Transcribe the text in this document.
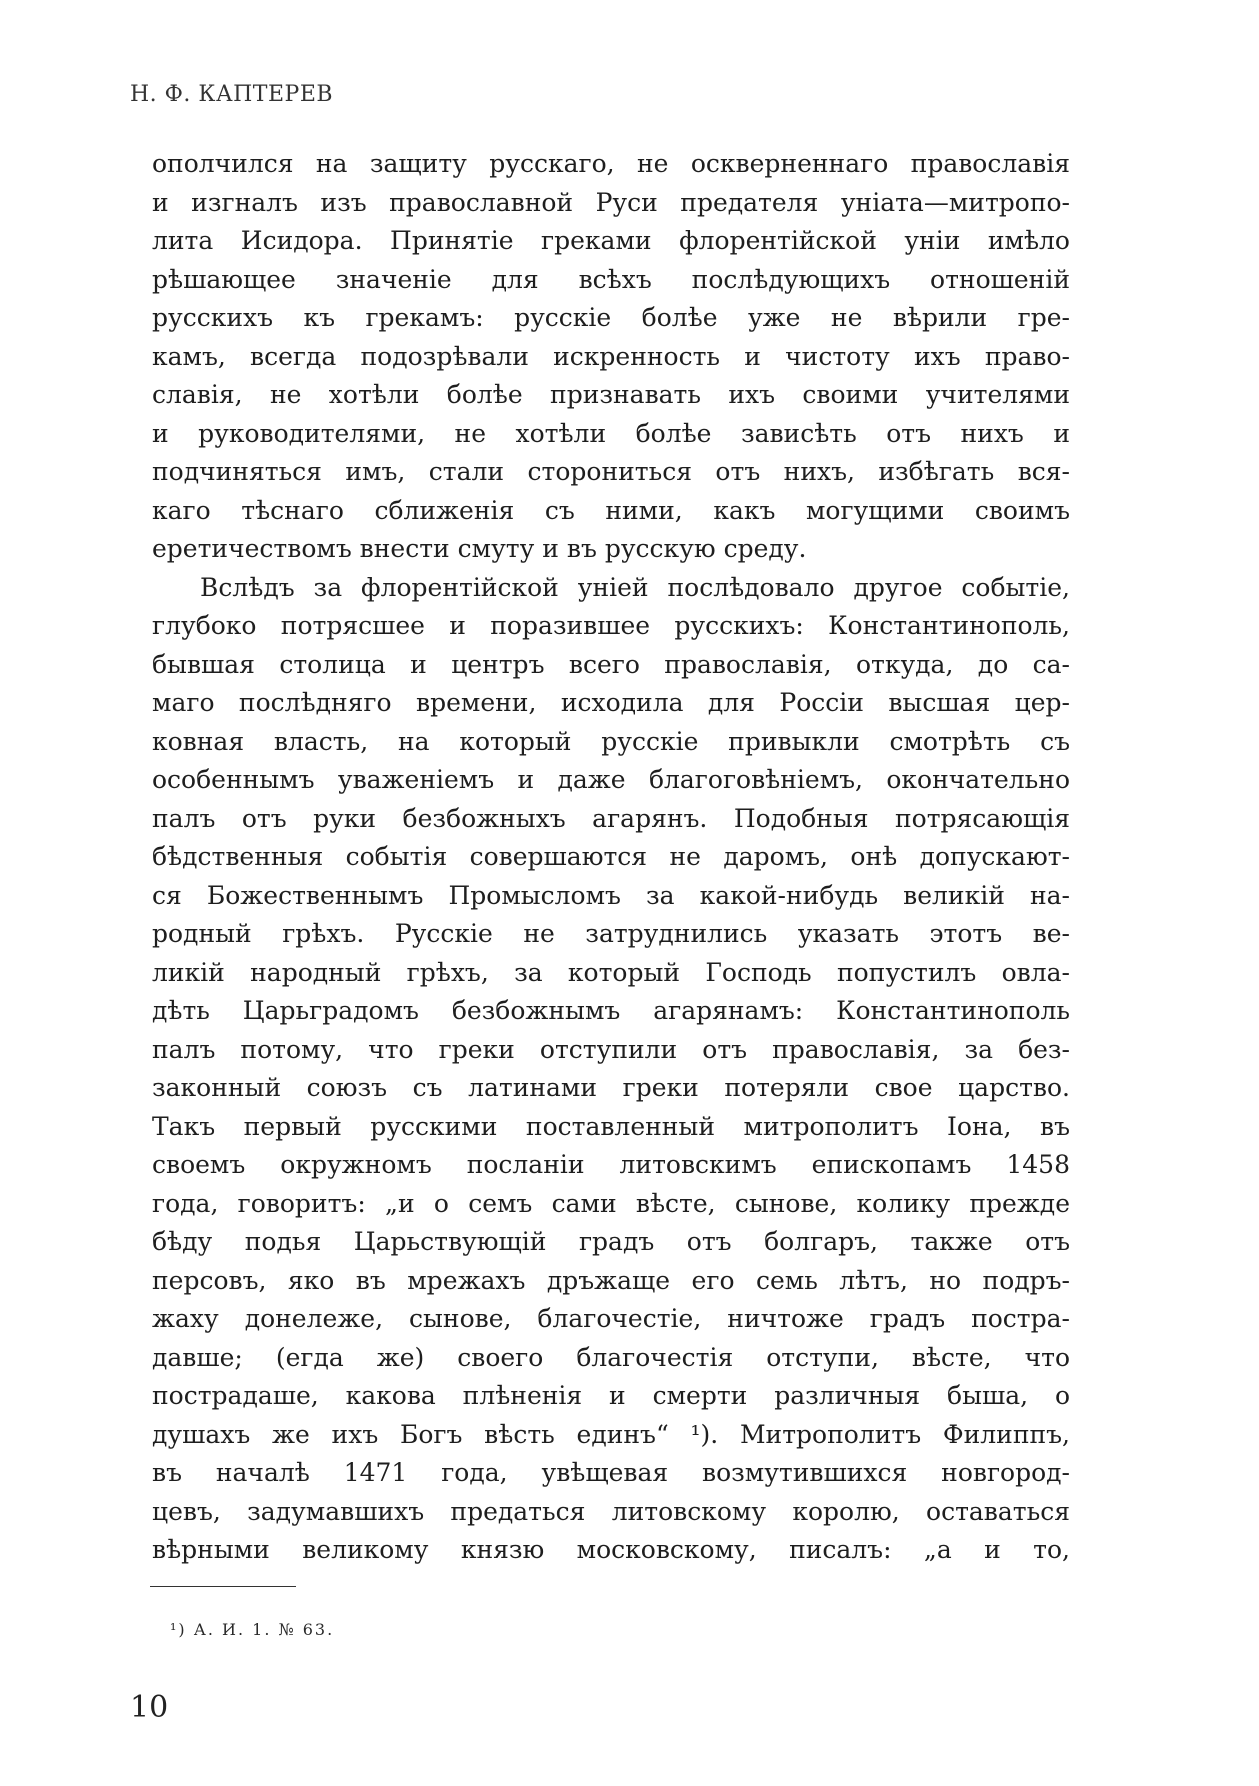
Н. Ф. КАПТЕРЕВ
ополчился на защиту русскаго, не оскверненнаго православія
и изгналъ изъ православной Руси предателя уніата—митропо-
лита Исидора. Принятіе греками флорентійской уніи имѣло
рѣшающее значеніе для всѣхъ послѣдующихъ отношеній
русскихъ къ грекамъ: русскіе болѣе уже не вѣрили гре-
камъ, всегда подозрѣвали искренность и чистоту ихъ право-
славія, не хотѣли болѣе признавать ихъ своими учителями
и руководителями, не хотѣли болѣе зависѣть отъ нихъ и
подчиняться имъ, стали сторониться отъ нихъ, избѣгать вся-
каго тѣснаго сближенія съ ними, какъ могущими своимъ
еретичествомъ внести смуту и въ русскую среду.
Вслѣдъ за флорентійской уніей послѣдовало другое событіе,
глубоко потрясшее и поразившее русскихъ: Константинополь,
бывшая столица и центръ всего православія, откуда, до са-
маго послѣдняго времени, исходила для Россіи высшая цер-
ковная власть, на который русскіе привыкли смотрѣть съ
особеннымъ уваженіемъ и даже благоговѣніемъ, окончательно
палъ отъ руки безбожныхъ агарянъ. Подобныя потрясающія
бѣдственныя событія совершаются не даромъ, онѣ допускают-
ся Божественнымъ Промысломъ за какой-нибудь великій на-
родный грѣхъ. Русскіе не затруднились указать этотъ ве-
ликій народный грѣхъ, за который Господь попустилъ овла-
дѣть Царьградомъ безбожнымъ агарянамъ: Константинополь
палъ потому, что греки отступили отъ православія, за без-
законный союзъ съ латинами греки потеряли свое царство.
Такъ первый русскими поставленный митрополитъ Іона, въ
своемъ окружномъ посланіи литовскимъ епископамъ 1458
года, говоритъ: „и о семъ сами вѣсте, сынове, колику прежде
бѣду подья Царьствующій градъ отъ болгаръ, также отъ
персовъ, яко въ мрежахъ дръжаще его семь лѣтъ, но подръ-
жаху донележе, сынове, благочестіе, ничтоже градъ пострa-
давше; (егда же) своего благочестія отступи, вѣсте, что
пострадаше, какова плѣненія и смерти различныя быша, о
душахъ же ихъ Богъ вѣсть единъ“ ¹). Митрополитъ Филиппъ,
въ началѣ 1471 года, увѣщевая возмутившихся новгород-
цевъ, задумавшихъ предаться литовскому королю, оставаться
вѣрными великому князю московскому, писалъ: „а и то,
¹) А. И. 1. № 63.
10
